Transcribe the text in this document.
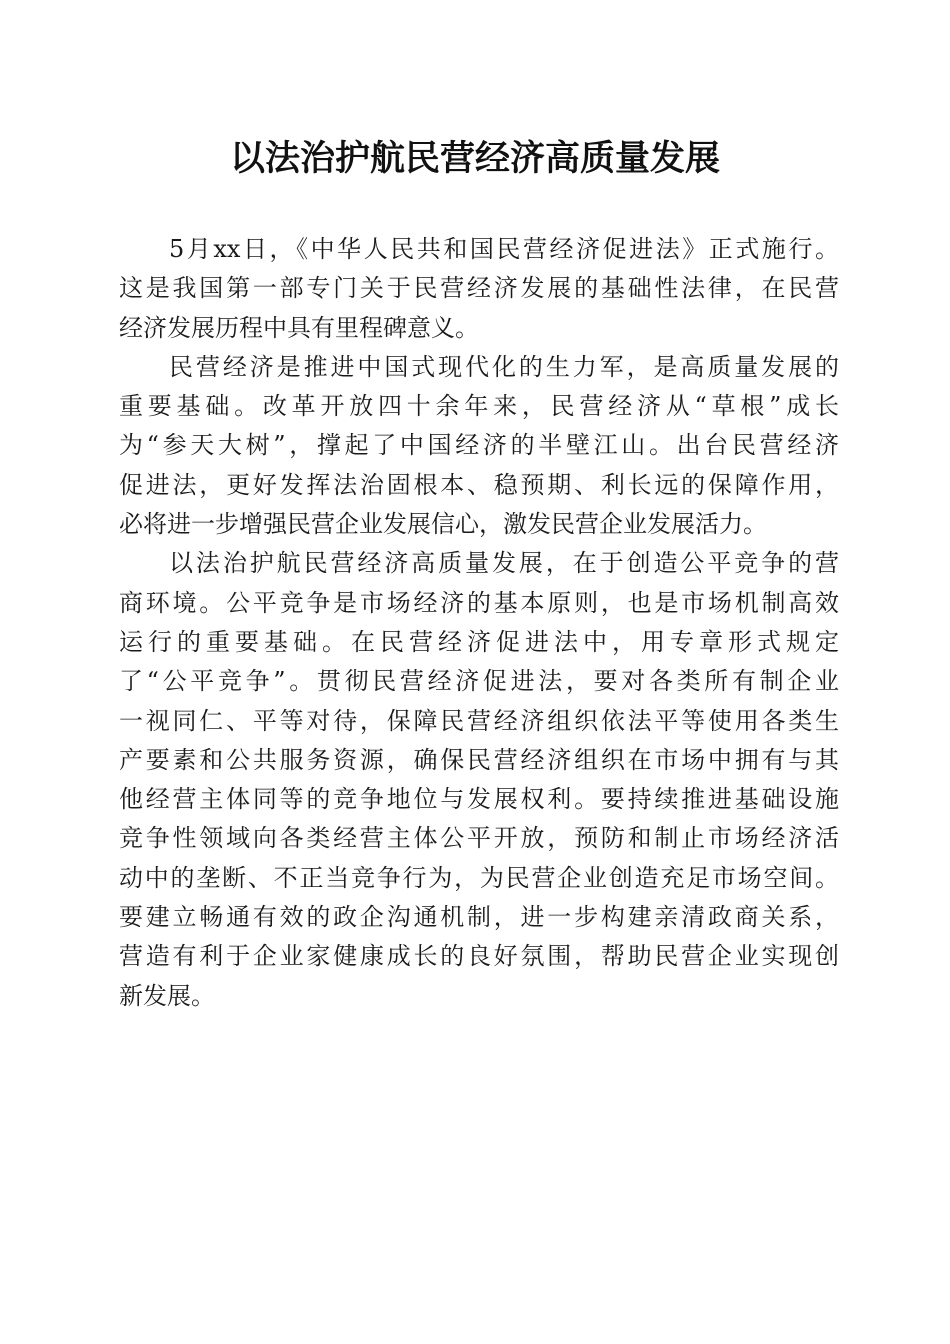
以法治护航民营经济高质量发展

5月xx日，《中华人民共和国民营经济促进法》正式施行。
这是我国第一部专门关于民营经济发展的基础性法律，在民营
经济发展历程中具有里程碑意义。

民营经济是推进中国式现代化的生力军，是高质量发展的
重要基础。改革开放四十余年来，民营经济从“草根”成长
为“参天大树”，撑起了中国经济的半壁江山。出台民营经济
促进法，更好发挥法治固根本、稳预期、利长远的保障作用，
必将进一步增强民营企业发展信心，激发民营企业发展活力。

以法治护航民营经济高质量发展，在于创造公平竞争的营
商环境。公平竞争是市场经济的基本原则，也是市场机制高效
运行的重要基础。在民营经济促进法中，用专章形式规定
了“公平竞争”。贯彻民营经济促进法，要对各类所有制企业
一视同仁、平等对待，保障民营经济组织依法平等使用各类生
产要素和公共服务资源，确保民营经济组织在市场中拥有与其
他经营主体同等的竞争地位与发展权利。要持续推进基础设施
竞争性领域向各类经营主体公平开放，预防和制止市场经济活
动中的垄断、不正当竞争行为，为民营企业创造充足市场空间。
要建立畅通有效的政企沟通机制，进一步构建亲清政商关系，
营造有利于企业家健康成长的良好氛围，帮助民营企业实现创
新发展。
